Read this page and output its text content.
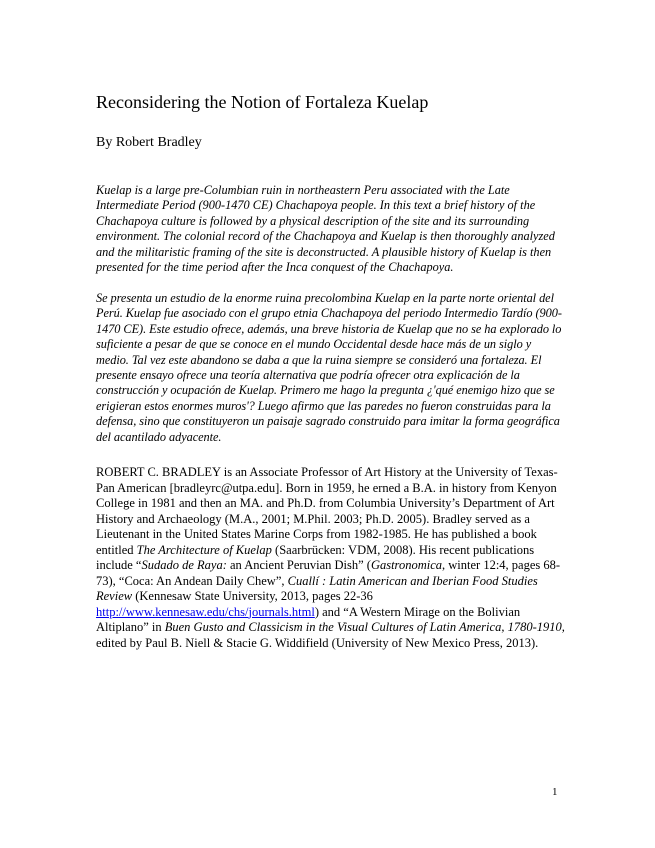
Reconsidering the Notion of Fortaleza Kuelap
By Robert Bradley
Kuelap is a large pre-Columbian ruin in northeastern Peru associated with the Late Intermediate Period (900-1470 CE) Chachapoya people. In this text a brief history of the Chachapoya culture is followed by a physical description of the site and its surrounding environment. The colonial record of the Chachapoya and Kuelap is then thoroughly analyzed and the militaristic framing of the site is deconstructed. A plausible history of Kuelap is then presented for the time period after the Inca conquest of the Chachapoya.
Se presenta un estudio de la enorme ruina precolombina Kuelap en la parte norte oriental del Perú. Kuelap fue asociado con el grupo etnia Chachapoya del periodo Intermedio Tardío (900-1470 CE). Este estudio ofrece, además, una breve historia de Kuelap que no se ha explorado lo suficiente a pesar de que se conoce en el mundo Occidental desde hace más de un siglo y medio. Tal vez este abandono se daba a que la ruina siempre se consideró una fortaleza. El presente ensayo ofrece una teoría alternativa que podría ofrecer otra explicación de la construcción y ocupación de Kuelap. Primero me hago la pregunta ¿'qué enemigo hizo que se erigieran estos enormes muros'? Luego afirmo que las paredes no fueron construidas para la defensa, sino que constituyeron un paisaje sagrado construido para imitar la forma geográfica del acantilado adyacente.
ROBERT C. BRADLEY is an Associate Professor of Art History at the University of Texas-Pan American [bradleyrc@utpa.edu]. Born in 1959, he erned a B.A. in history from Kenyon College in 1981 and then an MA. and Ph.D. from Columbia University’s Department of Art History and Archaeology (M.A., 2001; M.Phil. 2003; Ph.D. 2005). Bradley served as a Lieutenant in the United States Marine Corps from 1982-1985. He has published a book entitled The Architecture of Kuelap (Saarbrücken: VDM, 2008). His recent publications include “Sudado de Raya: an Ancient Peruvian Dish” (Gastronomica, winter 12:4, pages 68-73), “Coca: An Andean Daily Chew”, Cuallí : Latin American and Iberian Food Studies Review (Kennesaw State University, 2013, pages 22-36 http://www.kennesaw.edu/chs/journals.html) and “A Western Mirage on the Bolivian Altiplano” in Buen Gusto and Classicism in the Visual Cultures of Latin America, 1780-1910, edited by Paul B. Niell & Stacie G. Widdifield (University of New Mexico Press, 2013).
1
